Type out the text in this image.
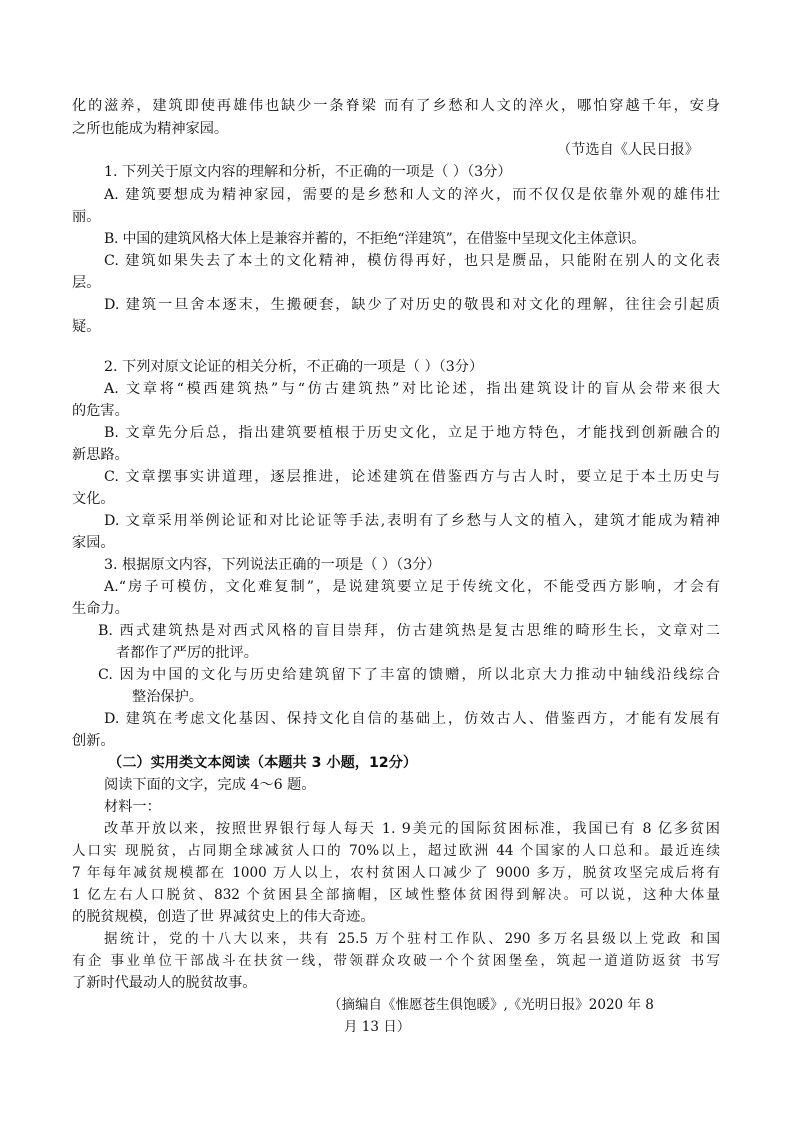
化的滋养，建筑即使再雄伟也缺少一条脊梁 而有了乡愁和人文的淬火，哪怕穿越千年，安身
之所也能成为精神家园。
（节选自《人民日报》
1. 下列关于原文内容的理解和分析，不正确的一项是（ ）（3分）
A. 建筑要想成为精神家园，需要的是乡愁和人文的淬火，而不仅仅是依靠外观的雄伟壮
丽。
B. 中国的建筑风格大体上是兼容并蓄的，不拒绝“洋建筑”，在借鉴中呈现文化主体意识。
C. 建筑如果失去了本土的文化精神，模仿得再好，也只是赝品，只能附在别人的文化表
层。
D. 建筑一旦舍本逐末，生搬硬套，缺少了对历史的敬畏和对文化的理解，往往会引起质
疑。
2. 下列对原文论证的相关分析，不正确的一项是（ ）（3分）
A. 文章将“模西建筑热”与“仿古建筑热”对比论述，指出建筑设计的盲从会带来很大
的危害。
B. 文章先分后总，指出建筑要植根于历史文化，立足于地方特色，才能找到创新融合的
新思路。
C. 文章摆事实讲道理，逐层推进，论述建筑在借鉴西方与古人时，要立足于本土历史与
文化。
D. 文章采用举例论证和对比论证等手法,表明有了乡愁与人文的植入，建筑才能成为精神
家园。
3. 根据原文内容，下列说法正确的一项是（ ）（3分）
A.“房子可模仿，文化难复制”，是说建筑要立足于传统文化，不能受西方影响，才会有
生命力。
B. 西式建筑热是对西式风格的盲目崇拜，仿古建筑热是复古思维的畸形生长，文章对二
者都作了严厉的批评。
C. 因为中国的文化与历史给建筑留下了丰富的馈赠，所以北京大力推动中轴线沿线综合
整治保护。
D. 建筑在考虑文化基因、保持文化自信的基础上，仿效古人、借鉴西方，才能有发展有
创新。
（二）实用类文本阅读（本题共 3 小题，12分）
阅读下面的文字，完成 4～6 题。
材料一：
改革开放以来，按照世界银行每人每天 1. 9美元的国际贫困标准，我国已有 8 亿多贫困
人口实 现脱贫，占同期全球减贫人口的 70%以上，超过欧洲 44 个国家的人口总和。最近连续
7 年每年减贫规模都在 1000 万人以上，农村贫困人口减少了 9000 多万，脱贫攻坚完成后将有
1 亿左右人口脱贫、832 个贫困县全部摘帽，区域性整体贫困得到解决。可以说，这种大体量
的脱贫规模，创造了世 界减贫史上的伟大奇迹。
据统计，党的十八大以来，共有 25.5 万个驻村工作队、290 多万名县级以上党政 和国
有企 事业单位干部战斗在扶贫一线，带领群众攻破一个个贫困堡垒，筑起一道道防返贫 书写
了新时代最动人的脱贫故事。
（摘编自《惟愿苍生俱饱暖》,《光明日报》2020 年 8
月 13 日）
